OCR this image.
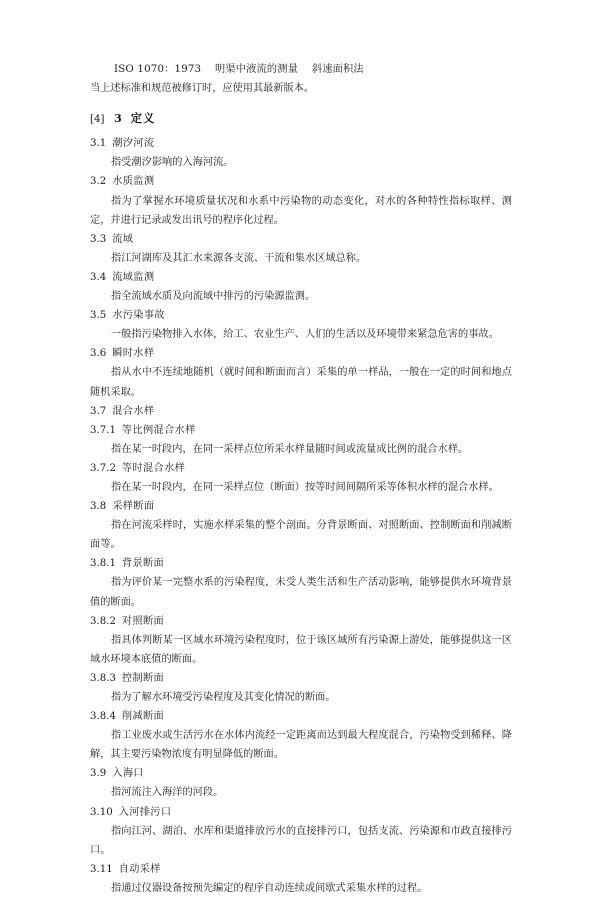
ISO 1070：1973    明渠中液流的测量    斜速面积法
当上述标准和规范被修订时，应使用其最新版本。
[4] 3 定义
3.1 潮汐河流
指受潮汐影响的入海河流。
3.2 水质监测
指为了掌握水环境质量状况和水系中污染物的动态变化，对水的各种特性指标取样、测定，并进行记录或发出讯号的程序化过程。
3.3 流域
指江河湖库及其汇水来源各支流、干流和集水区域总称。
3.4 流域监测
指全流域水质及向流域中排污的污染源监测。
3.5 水污染事故
一般指污染物排入水体，给工、农业生产、人们的生活以及环境带来紧急危害的事故。
3.6 瞬时水样
指从水中不连续地随机（就时间和断面而言）采集的单一样品，一般在一定的时间和地点随机采取。
3.7 混合水样
3.7.1 等比例混合水样
指在某一时段内，在同一采样点位所采水样量随时间或流量成比例的混合水样。
3.7.2 等时混合水样
指在某一时段内，在同一采样点位（断面）按等时间间隔所采等体积水样的混合水样。
3.8 采样断面
指在河流采样时，实施水样采集的整个剖面。分背景断面、对照断面、控制断面和削减断面等。
3.8.1 背景断面
指为评价某一完整水系的污染程度，未受人类生活和生产活动影响，能够提供水环境背景值的断面。
3.8.2 对照断面
指具体判断某一区域水环境污染程度时，位于该区域所有污染源上游处，能够提供这一区域水环境本底值的断面。
3.8.3 控制断面
指为了解水环境受污染程度及其变化情况的断面。
3.8.4 削减断面
指工业废水或生活污水在水体内流经一定距离而达到最大程度混合，污染物受到稀释、降解，其主要污染物浓度有明显降低的断面。
3.9 入海口
指河流注入海洋的河段。
3.10 入河排污口
指向江河、湖泊、水库和渠道排放污水的直接排污口，包括支流、污染源和市政直接排污口。
3.11 自动采样
指通过仪器设备按预先编定的程序自动连续或间歇式采集水样的过程。
